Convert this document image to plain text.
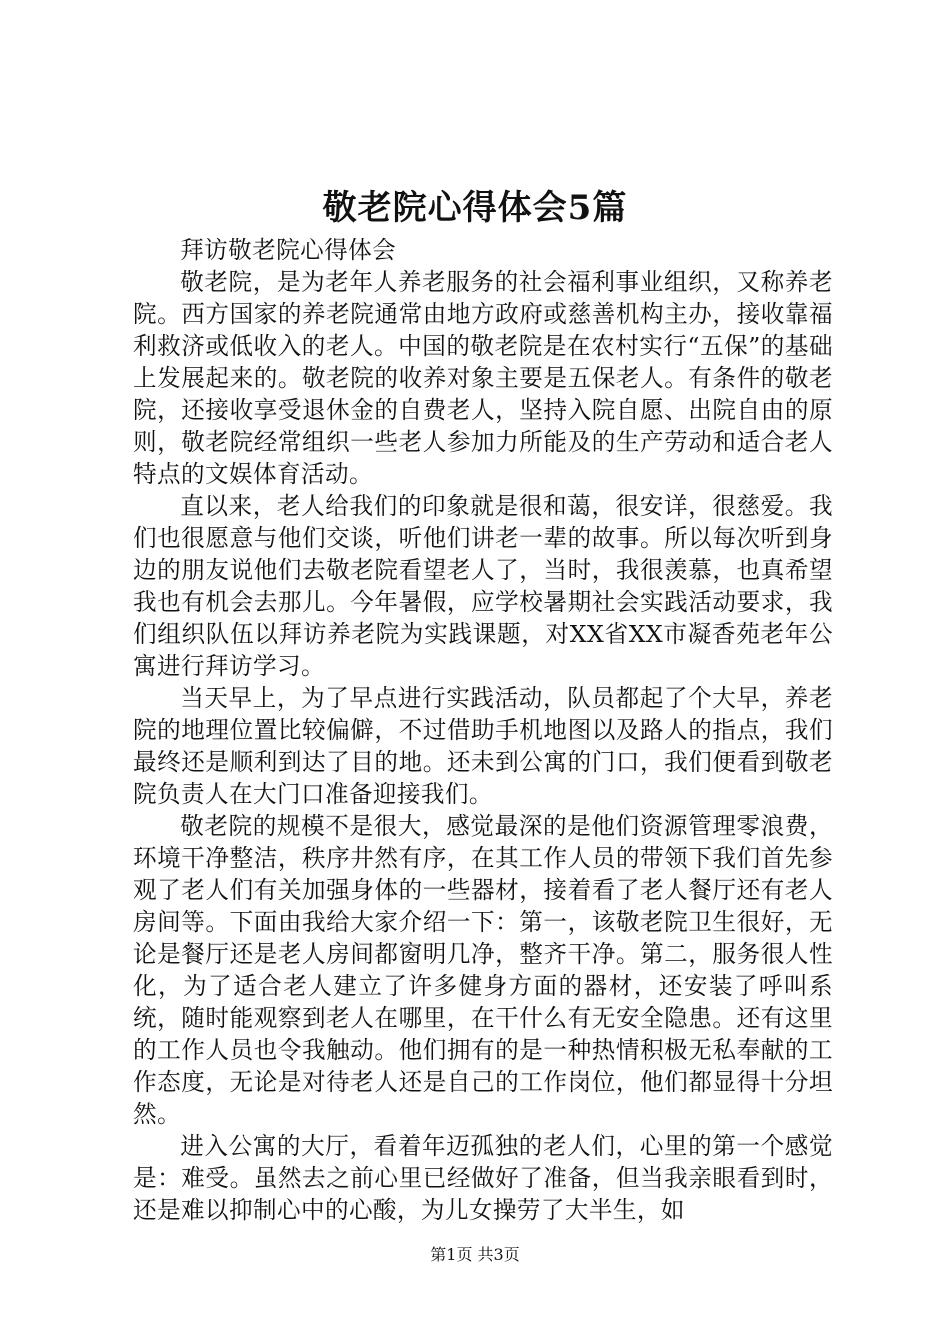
敬老院心得体会5篇

拜访敬老院心得体会

敬老院，是为老年人养老服务的社会福利事业组织，又称养老院。西方国家的养老院通常由地方政府或慈善机构主办，接收靠福利救济或低收入的老人。中国的敬老院是在农村实行“五保”的基础上发展起来的。敬老院的收养对象主要是五保老人。有条件的敬老院，还接收享受退休金的自费老人，坚持入院自愿、出院自由的原则，敬老院经常组织一些老人参加力所能及的生产劳动和适合老人特点的文娱体育活动。

直以来，老人给我们的印象就是很和蔼，很安详，很慈爱。我们也很愿意与他们交谈，听他们讲老一辈的故事。所以每次听到身边的朋友说他们去敬老院看望老人了，当时，我很羡慕，也真希望我也有机会去那儿。今年暑假，应学校暑期社会实践活动要求，我们组织队伍以拜访养老院为实践课题，对XX省XX市凝香苑老年公寓进行拜访学习。

当天早上，为了早点进行实践活动，队员都起了个大早，养老院的地理位置比较偏僻，不过借助手机地图以及路人的指点，我们最终还是顺利到达了目的地。还未到公寓的门口，我们便看到敬老院负责人在大门口准备迎接我们。

敬老院的规模不是很大，感觉最深的是他们资源管理零浪费，环境干净整洁，秩序井然有序，在其工作人员的带领下我们首先参观了老人们有关加强身体的一些器材，接着看了老人餐厅还有老人房间等。下面由我给大家介绍一下：第一，该敬老院卫生很好，无论是餐厅还是老人房间都窗明几净，整齐干净。第二，服务很人性化，为了适合老人建立了许多健身方面的器材，还安装了呼叫系统，随时能观察到老人在哪里，在干什么有无安全隐患。还有这里的工作人员也令我触动。他们拥有的是一种热情积极无私奉献的工作态度，无论是对待老人还是自己的工作岗位，他们都显得十分坦然。

进入公寓的大厅，看着年迈孤独的老人们，心里的第一个感觉是：难受。虽然去之前心里已经做好了准备，但当我亲眼看到时，还是难以抑制心中的心酸，为儿女操劳了大半生，如

第1页 共3页
